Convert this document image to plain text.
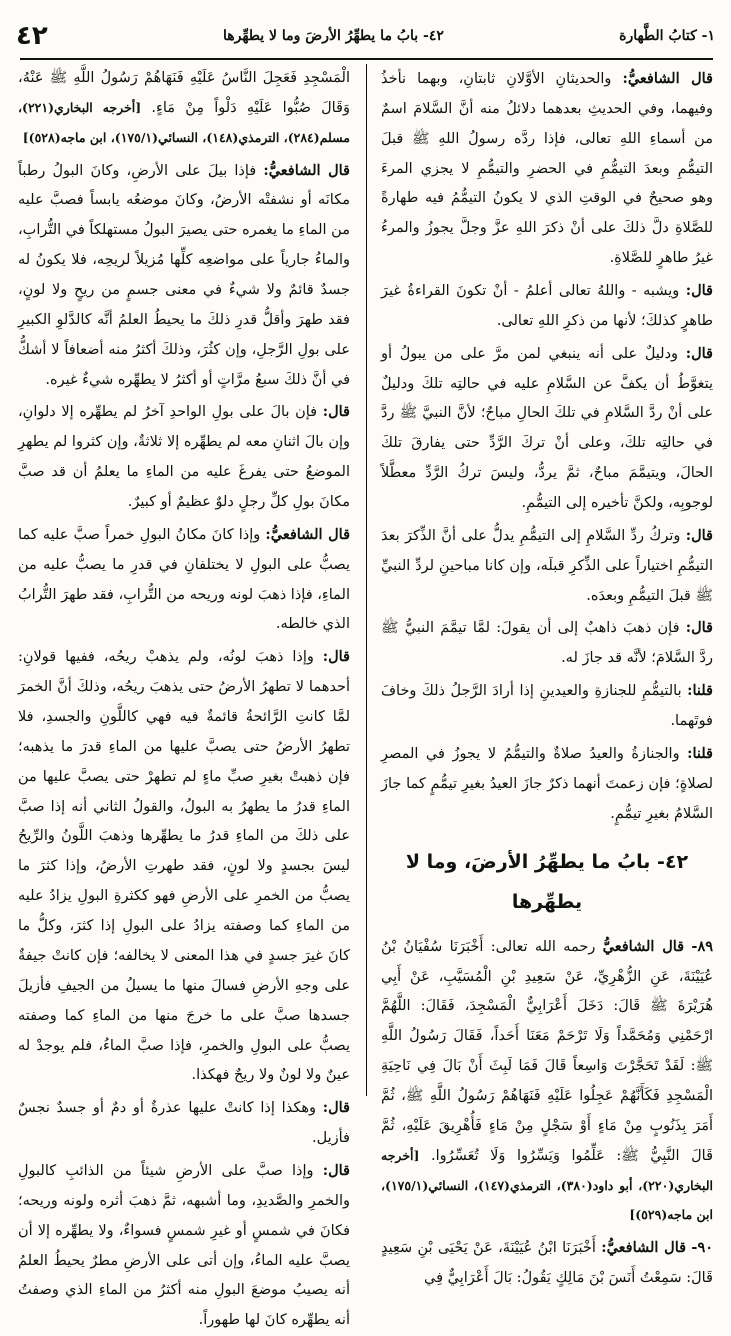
١- كتابُ الطَّهارة
٤٢- بابُ ما يطهِّرُ الأرضَ وما لا يطهِّرها
٤٢

قال الشافعيُّ: والحديثانِ الأوَّلانِ ثابتانِ، وبهما نأخذُ وفيهما، وفي الحديثِ بعدهما دلائلُ منه أنَّ السَّلامَ اسمٌ من أسماءِ اللهِ تعالى، فإذا ردَّه رسولُ اللهِ ﷺ قبلَ التيمُّمِ وبعدَ التيمُّمِ في الحضرِ والتيمُّمِ لا يجزي المرءَ وهو صحيحٌ في الوقتِ الذي لا يكونُ التيمُّمُ فيه طهارةً للصَّلاةِ دلَّ ذلكَ على أنْ ذكرَ اللهِ عزَّ وجلَّ يجوزُ والمرءُ غيرُ طاهرٍ للصَّلاةِ.

قال: ويشبه - واللهُ تعالى أعلمُ - أنْ تكونَ القراءةُ غيرَ طاهرٍ كذلكَ؛ لأنها من ذكرِ اللهِ تعالى.

قال: ودليلٌ على أنه ينبغي لمن مرَّ على من يبولُ أو يتغوَّطُ أن يكفَّ عن السَّلامِ عليه في حالتِه تلكَ ودليلٌ على أنْ ردَّ السَّلامِ في تلكَ الحالِ مباحٌ؛ لأنَّ النبيَّ ﷺ ردَّ في حالتِه تلكَ، وعلى أنْ تركَ الرَّدِّ حتى يفارقَ تلكَ الحالَ، ويتيمَّمَ مباحٌ، ثمَّ يردُّ، وليسَ تركُ الرَّدِّ معطَّلاً لوجوبِه، ولكنَّ تأخيره إلى التيمُّمِ.

قال: وتركُ ردِّ السَّلامِ إلى التيمُّمِ يدلُّ على أنَّ الذِّكرَ بعدَ التيمُّمِ اختياراً على الذِّكرِ قبلَه، وإن كانا مباحينِ لردِّ النبيِّ ﷺ قبلَ التيمُّمِ وبعدَه.

قال: فإن ذهبَ ذاهبٌ إلى أن يقولَ: لمَّا تيمَّمَ النبيُّ ﷺ ردَّ السَّلامَ؛ لأنَّه قد جازَ له.

قلنا: بالتيمُّمِ للجنازةِ والعيدينِ إذا أرادَ الرَّجلُ ذلكَ وخافَ فوتَهما.

قلنا: والجنازةُ والعيدُ صلاةٌ والتيمُّمُ لا يجوزُ في المصرِ لصلاةٍ؛ فإن زعمتَ أنهما ذكرٌ جازَ العيدُ بغيرِ تيمُّمٍ كما جازَ السَّلامُ بغيرِ تيمُّمٍ.

٤٢- بابُ ما يطهِّرُ الأرضَ، وما لا يطهِّرها

٨٩- قال الشافعيُّ رحمه الله تعالى: أَخْبَرَنَا سُفْيَانُ بْنُ عُيَيْنَةَ، عَنِ الزُّهْرِيِّ، عَنْ سَعِيدِ بْنِ الْمُسَيَّبِ، عَنْ أَبِي هُرَيْرَةَ ﷺ قَالَ: دَخَلَ أَعْرَابِيٌّ الْمَسْجِدَ، فَقَالَ: اللَّهُمَّ ارْحَمْنِي وَمُحَمَّداً وَلَا تَرْحَمْ مَعَنَا أَحَداً، فَقَالَ رَسُولُ اللَّهِ ﷺ: لَقَدْ تَحَجَّرْتَ وَاسِعاً قَالَ فَمَا لَبِثَ أَنْ بَالَ فِي نَاحِيَةِ الْمَسْجِدِ فَكَأَنَّهُمْ عَجِلُوا عَلَيْهِ فَنَهَاهُمْ رَسُولُ اللَّهِ ﷺ، ثُمَّ أَمَرَ بِذَنُوبٍ مِنْ مَاءٍ أَوْ سَجْلٍ مِنْ مَاءٍ فَأُهْرِيقَ عَلَيْهِ، ثُمَّ قَالَ النَّبِيُّ ﷺ: عَلِّمُوا وَيَسِّرُوا وَلَا تُعَسِّرُوا. [أخرجه البخاري(٢٢٠)، أبو داود(٣٨٠)، الترمذي(١٤٧)، النسائي(١٧٥/١)، ابن ماجه(٥٢٩)]

٩٠- قال الشافعيُّ: أَخْبَرَنَا ابْنُ عُيَيْنَةَ، عَنْ يَحْيَى بْنِ سَعِيدٍ قَالَ: سَمِعْتُ أَنَسَ بْنَ مَالِكٍ يَقُولُ: بَالَ أَعْرَابِيٌّ فِي

الْمَسْجِدِ فَعَجِلَ النَّاسُ عَلَيْهِ فَنَهَاهُمْ رَسُولُ اللَّهِ ﷺ عَنْهُ، وَقَالَ صُبُّوا عَلَيْهِ دَلْواً مِنْ مَاءٍ. [أخرجه البخاري(٢٢١)، مسلم(٢٨٤)، الترمذي(١٤٨)، النسائي(١٧٥/١)، ابن ماجه(٥٢٨)]

قال الشافعيُّ: فإذا بيلَ على الأرضِ، وكانَ البولُ رطباً مكانَه أو نشفتْه الأرضُ، وكانَ موضعُه يابساً فصبَّ عليه من الماءِ ما يغمره حتى يصيرَ البولُ مستهلكاً في التُّرابِ، والماءُ جارياً على مواضعِه كلِّها مُزيلاً لريحِه، فلا يكونُ له جسدٌ قائمٌ ولا شيءٌ في معنى جسمٍ من ريحٍ ولا لونٍ، فقد طهرَ وأقلُّ قدرِ ذلكَ ما يحيطُ العلمُ أنَّه كالدَّلوِ الكبيرِ على بولِ الرَّجلِ، وإن كثُرَ، وذلكَ أكثرُ منه أضعافاً لا أشكُّ في أنَّ ذلكَ سبعُ مرَّاتٍ أو أكثرُ لا يطهِّره شيءٌ غيره.

قال: فإن بالَ على بولِ الواحدِ آخرُ لم يطهِّره إلا دلوانِ، وإن بالَ اثنانِ معه لم يطهِّره إلا ثلاثةٌ، وإن كثروا لم يطهرِ الموضعُ حتى يفرغَ عليه من الماءِ ما يعلمُ أن قد صبَّ مكانَ بولِ كلِّ رجلٍ دلوٌ عظيمٌ أو كبيرٌ.

قال الشافعيُّ: وإذا كانَ مكانُ البولِ خمراً صبَّ عليه كما يصبُّ على البولِ لا يختلفانِ في قدرِ ما يصبُّ عليه من الماءِ، فإذا ذهبَ لونه وريحه من التُّرابِ، فقد طهرَ التُّرابُ الذي خالطه.

قال: وإذا ذهبَ لونُه، ولم يذهبْ ريحُه، ففيها قولانِ: أحدهما لا تطهرُ الأرضُ حتى يذهبَ ريحُه، وذلكَ أنَّ الخمرَ لمَّا كانتِ الرَّائحةُ قائمةٌ فيه فهي كاللَّونِ والجسدِ، فلا تطهرُ الأرضُ حتى يصبَّ عليها من الماءِ قدرَ ما يذهبه؛ فإن ذهبتْ بغيرِ صبِّ ماءٍ لم تطهرْ حتى يصبَّ عليها من الماءِ قدرُ ما يطهرُ به البولُ، والقولُ الثاني أنه إذا صبَّ على ذلكَ من الماءِ قدرُ ما يطهِّرها وذهبَ اللَّونُ والرِّيحُ ليسَ بجسدٍ ولا لونٍ، فقد طهرتِ الأرضُ، وإذا كثرَ ما يصبُّ من الخمرِ على الأرضِ فهو ككثرةِ البولِ يزادُ عليه من الماءِ كما وصفته يزادُ على البولِ إذا كثرَ، وكلُّ ما كانَ غيرَ جسدٍ في هذا المعنى لا يخالفه؛ فإن كانتْ جيفةٌ على وجهِ الأرضِ فسالَ منها ما يسيلُ من الجيفِ فأزيلَ جسدها صبَّ على ما خرجَ منها من الماءِ كما وصفته يصبُّ على البولِ والخمرِ، فإذا صبَّ الماءُ، فلم يوجدْ له عينٌ ولا لونٌ ولا ريحٌ فهكذا.

قال: وهكذا إذا كانتْ عليها عذرةٌ أو دمٌ أو جسدٌ نجسٌ فأزيل.

قال: وإذا صبَّ على الأرضِ شيئاً من الذائبِ كالبولِ والخمرِ والصَّديدِ، وما أشبهه، ثمَّ ذهبَ أثره ولونه وريحه؛ فكانَ في شمسٍ أو غيرِ شمسٍ فسواءٌ، ولا يطهِّره إلا أن يصبَّ عليه الماءُ، وإن أتى على الأرضِ مطرٌ يحيطُ العلمُ أنه يصيبُ موضعَ البولِ منه أكثرُ من الماءِ الذي وصفتُ أنه يطهِّره كانَ لها طهوراً.
